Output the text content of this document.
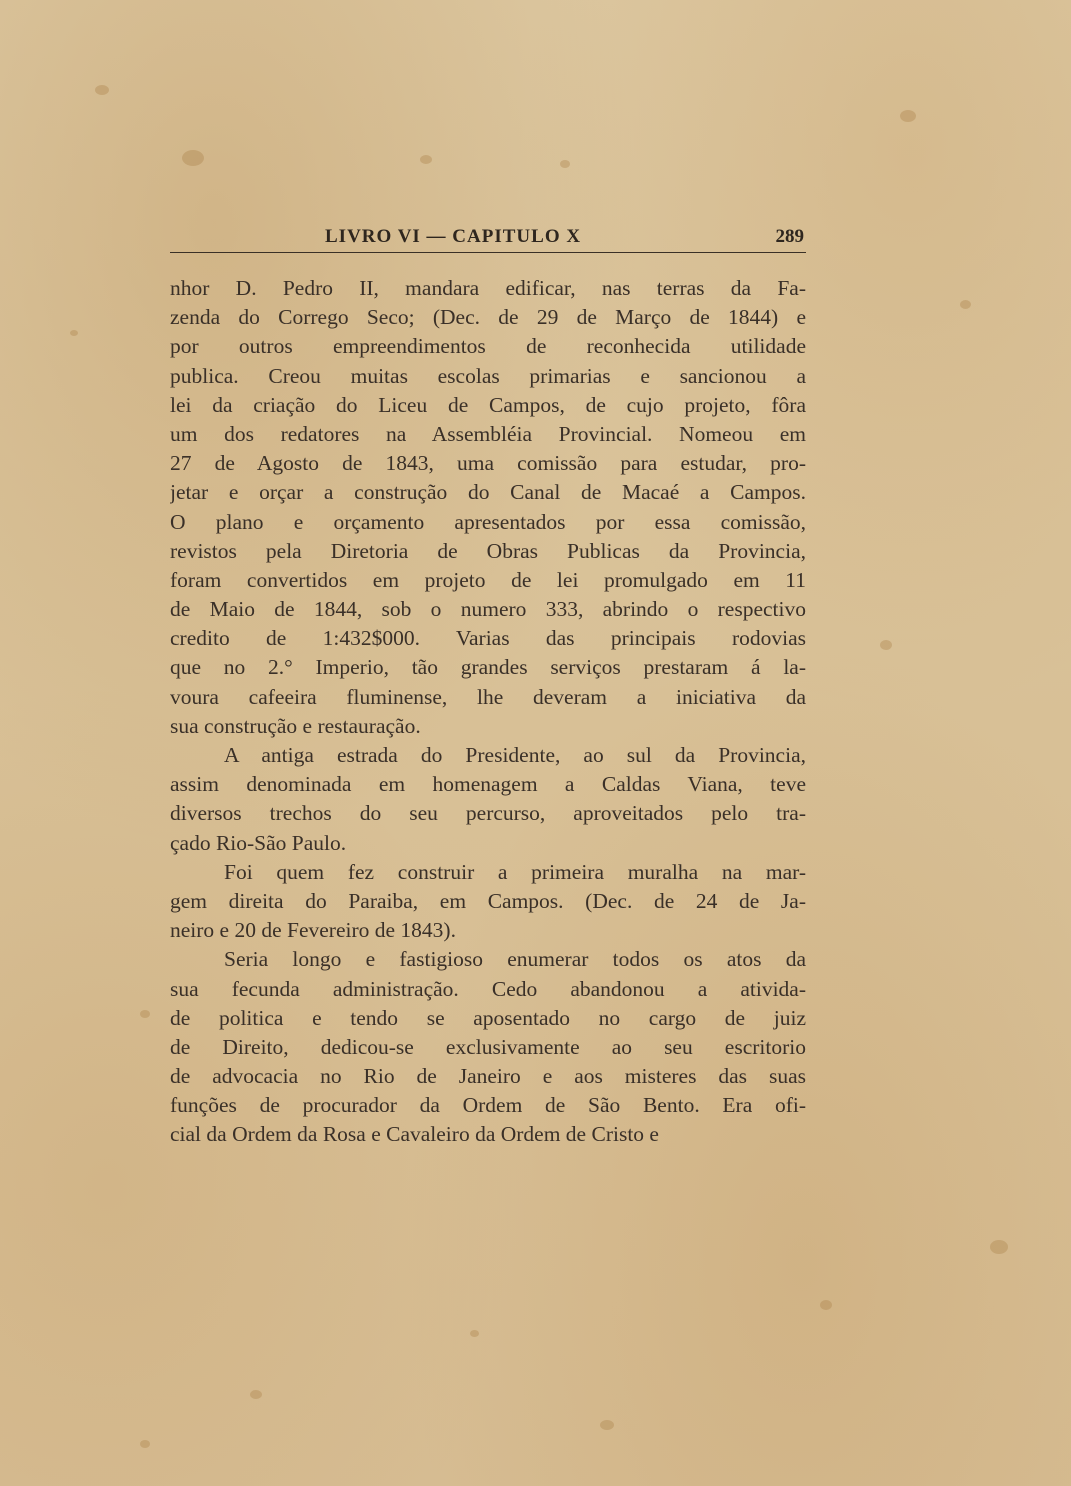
LIVRO VI — CAPITULO X	289
nhor D. Pedro II, mandara edificar, nas terras da Fa-
zenda do Corrego Seco; (Dec. de 29 de Março de 1844) e
por outros empreendimentos de reconhecida utilidade
publica. Creou muitas escolas primarias e sancionou a
lei da criação do Liceu de Campos, de cujo projeto, fôra
um dos redatores na Assembléia Provincial. Nomeou em
27 de Agosto de 1843, uma comissão para estudar, pro-
jetar e orçar a construção do Canal de Macaé a Campos.
O plano e orçamento apresentados por essa comissão,
revistos pela Diretoria de Obras Publicas da Provincia,
foram convertidos em projeto de lei promulgado em 11
de Maio de 1844, sob o numero 333, abrindo o respectivo
credito de 1:432$000. Varias das principais rodovias
que no 2.° Imperio, tão grandes serviços prestaram á la-
voura cafeeira fluminense, lhe deveram a iniciativa da
sua construção e restauração.
A antiga estrada do Presidente, ao sul da Provincia,
assim denominada em homenagem a Caldas Viana, teve
diversos trechos do seu percurso, aproveitados pelo tra-
çado Rio-São Paulo.
Foi quem fez construir a primeira muralha na mar-
gem direita do Paraiba, em Campos. (Dec. de 24 de Ja-
neiro e 20 de Fevereiro de 1843).
Seria longo e fastigioso enumerar todos os atos da
sua fecunda administração. Cedo abandonou a ativida-
de politica e tendo se aposentado no cargo de juiz
de Direito, dedicou-se exclusivamente ao seu escritorio
de advocacia no Rio de Janeiro e aos misteres das suas
funções de procurador da Ordem de São Bento. Era ofi-
cial da Ordem da Rosa e Cavaleiro da Ordem de Cristo e
